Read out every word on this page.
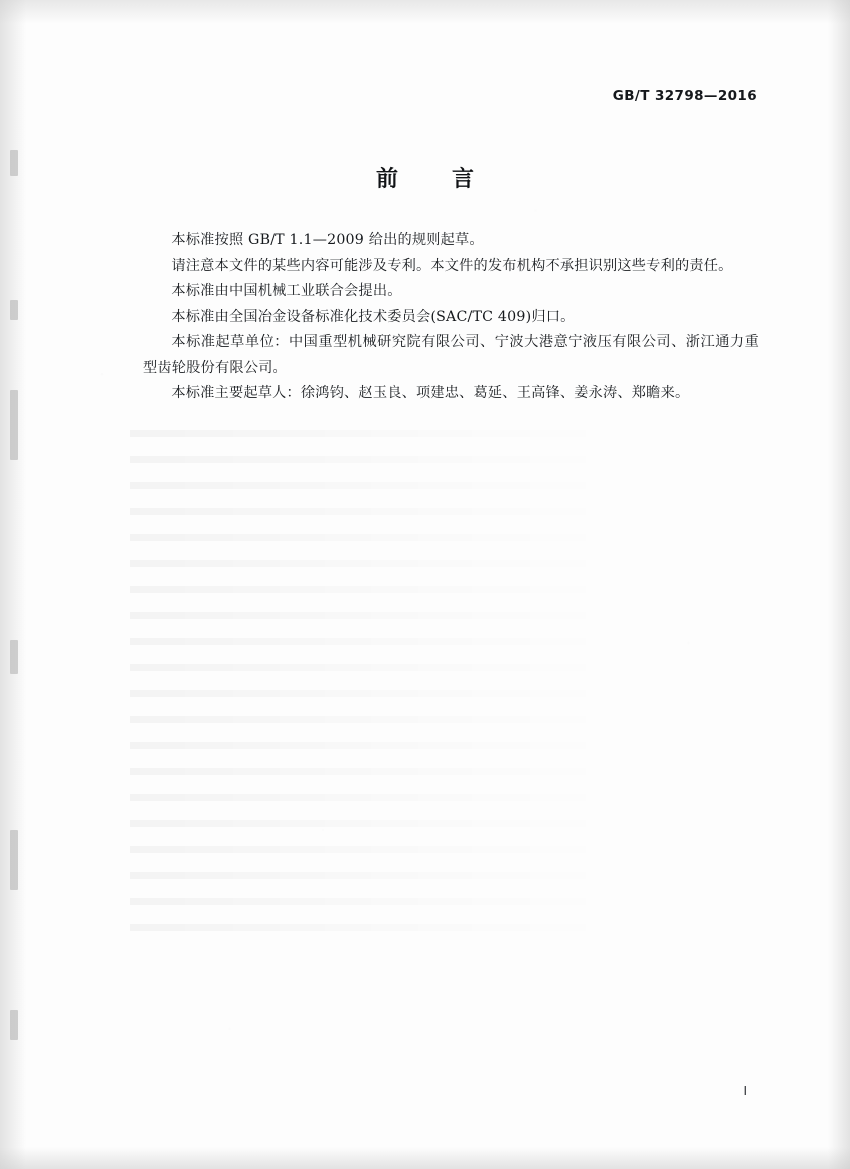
GB/T 32798—2016
前　言

本标准按照 GB/T 1.1—2009 给出的规则起草。

请注意本文件的某些内容可能涉及专利。本文件的发布机构不承担识别这些专利的责任。

本标准由中国机械工业联合会提出。

本标准由全国冶金设备标准化技术委员会(SAC/TC 409)归口。

本标准起草单位：中国重型机械研究院有限公司、宁波大港意宁液压有限公司、浙江通力重型齿轮股份有限公司。

本标准主要起草人：徐鸿钧、赵玉良、项建忠、葛延、王高锋、姜永涛、郑瞻来。

I
